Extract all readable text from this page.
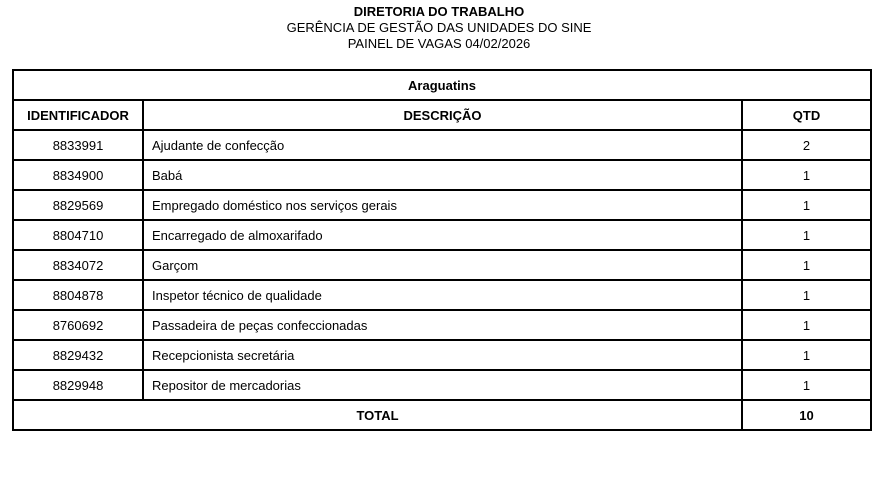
DIRETORIA DO TRABALHO
GERÊNCIA DE GESTÃO DAS UNIDADES DO SINE
PAINEL DE VAGAS 04/02/2026
Araguatins		
IDENTIFICADOR	DESCRIÇÃO	QTD
8833991	Ajudante de confecção	2
8834900	Babá	1
8829569	Empregado doméstico nos serviços gerais	1
8804710	Encarregado de almoxarifado	1
8834072	Garçom	1
8804878	Inspetor técnico de qualidade	1
8760692	Passadeira de peças confeccionadas	1
8829432	Recepcionista secretária	1
8829948	Repositor de mercadorias	1
TOTAL		10
